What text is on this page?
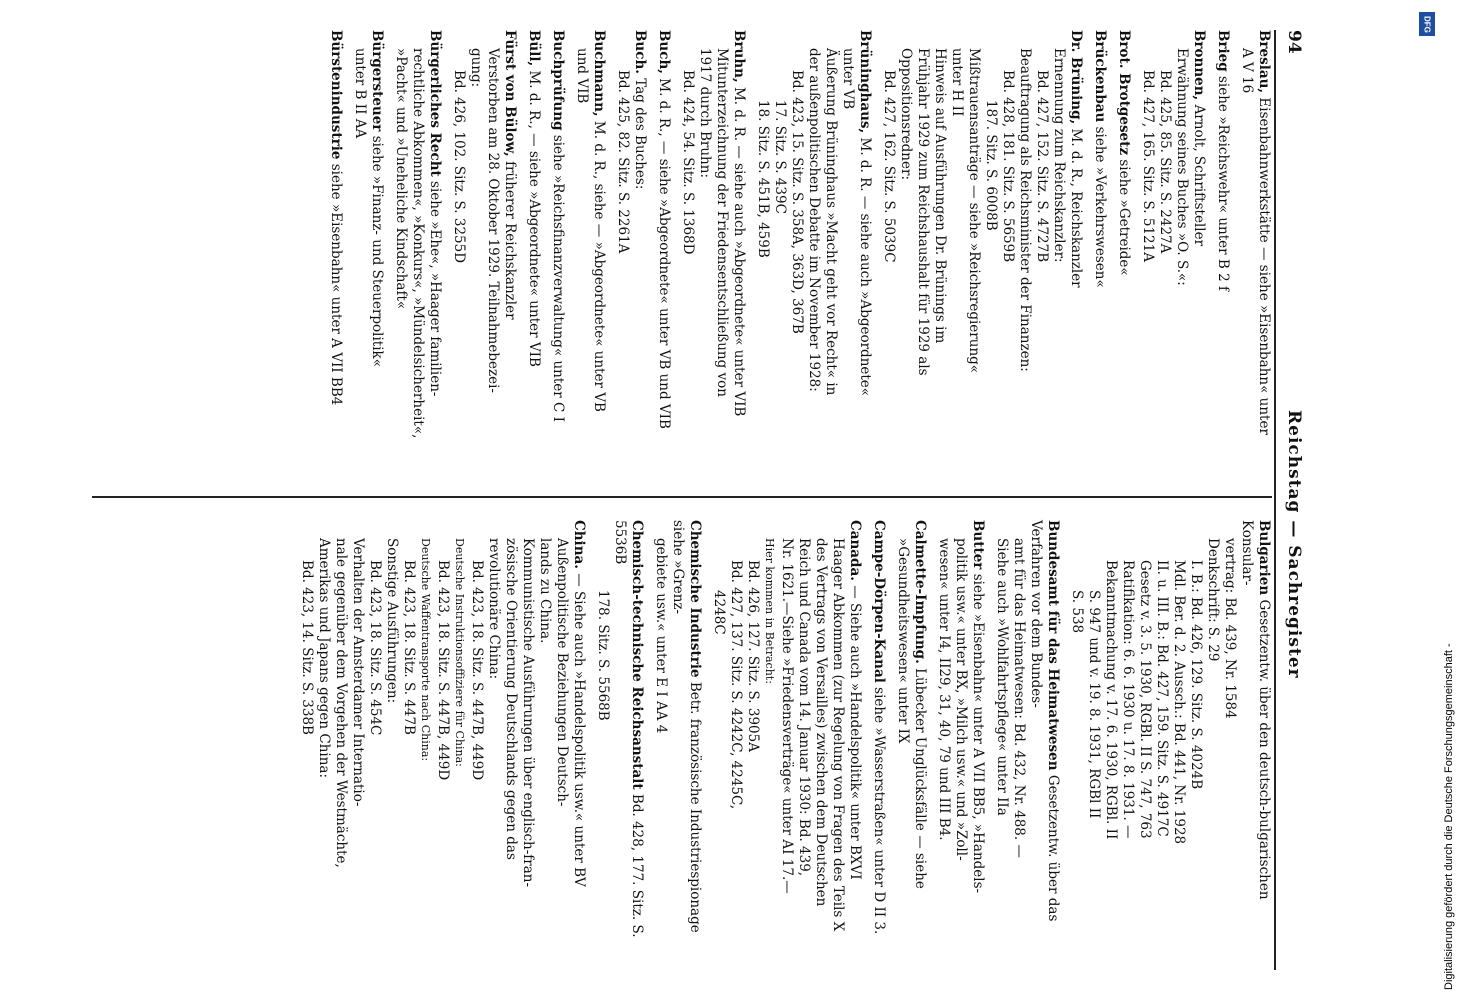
94
Reichstag — Sachregister
Breslau, Eisenbahnwerkstätte — siehe »Eisenbahn« unter
A V 16
Brieg siehe »Reichswehr« unter B 2 f
Bronnen, Arnolt, Schriftsteller
Erwähnung seines Buches »O. S.«:
Bd. 425, 85. Sitz. S. 2427A
Bd. 427, 165. Sitz. S. 5121A
Brot. Brotgesetz siehe »Getreide«
Brückenbau siehe »Verkehrswesen«
Dr. Brüning, M. d. R., Reichskanzler
Ernennung zum Reichskanzler:
Bd. 427, 152. Sitz. S. 4727B
Beauftragung als Reichsminister der Finanzen:
Bd. 428, 181. Sitz. S. 5659B
187. Sitz. S. 6008B
Mißtrauensanträge — siehe »Reichsregierung«
unter H II
Hinweis auf Ausführungen Dr. Brünings im
Frühjahr 1929 zum Reichshaushalt für 1929 als
Oppositionsredner:
Bd. 427, 162. Sitz. S. 5039C
Brüninghaus, M. d. R. — siehe auch »Abgeordnete«
unter VB
Äußerung Brüninghaus »Macht geht vor Recht« in
der außenpolitischen Debatte im November 1928:
Bd. 423, 15. Sitz. S. 358A, 363D, 367B
17. Sitz. S. 439C
18. Sitz. S. 451B, 459B
Bruhn, M. d. R. — siehe auch »Abgeordnete« unter VIB
Mitunterzeichnung der Friedensentschließung von
1917 durch Bruhn:
Bd. 424, 54. Sitz. S. 1368D
Buch, M. d. R., — siehe »Abgeordnete« unter VB und VIB
Buch. Tag des Buches:
Bd. 425, 82. Sitz. S. 2261A
Buchmann, M. d. R., siehe — »Abgeordnete« unter VB
und VIB
Buchprüfung siehe »Reichsfinanzverwaltung« unter C I
Büll, M. d. R., — siehe »Abgeordnete« unter VIB
Fürst von Bülow, früherer Reichskanzler
Verstorben am 28. Oktober 1929. Teilnahmebezei-
gung:
Bd. 426, 102. Sitz. S. 3255D
Bürgerliches Recht siehe »Ehe«, »Haager familien-
rechtliche Abkommen«, »Konkurs«, »Mündelsicherheit«,
»Pacht« und »Uneheliche Kindschaft«
Bürgersteuer siehe »Finanz- und Steuerpolitik«
unter B II AA
Bürstenindustrie siehe »Eisenbahn« unter A VII BB4
Bulgarien Gesetzentw. über den deutsch-bulgarischen Konsular-
vertrag: Bd. 439, Nr. 1584
Denkschrift: S. 29
I. B.: Bd. 426, 129. Sitz. S. 4024B
Mdl. Ber. d. 2. Aussch.: Bd. 441, Nr. 1928
II. u. III. B.: Bd. 427, 159. Sitz. S. 4917C
Gesetz v. 3. 5. 1930, RGBl. II S. 747, 763
Ratifikation: 6. 6. 1930 u. 17. 8. 1931. —
Bekanntmachung v. 17. 6. 1930, RGBl. II
S. 947 und v. 19. 8. 1931, RGBl II
S. 538
Bundesamt für das Heimatwesen Gesetzentw. über das Verfahren vor dem Bundes-
amt für das Heimatwesen: Bd. 432, Nr. 488. —
Siehe auch »Wohlfahrtspflege« unter IIa
Butter siehe »Eisenbahn« unter A VII BB5, »Handels-
politik usw.« unter BX, »Milch usw.« und »Zoll-
wesen« unter I4, II29, 31, 40, 79 und III B4.
Calmette-Impfung. Lübecker Unglücksfälle — siehe
»Gesundheitswesen« unter IX
Campe-Dörpen-Kanal siehe »Wasserstraßen« unter D II 3.
Canada. — Siehe auch »Handelspolitik« unter BXVI
Haager Abkommen (zur Regelung von Fragen des Teils X
des Vertrags von Versailles) zwischen dem Deutschen
Reich und Canada vom 14. Januar 1930: Bd. 439,
Nr. 1621.—Siehe »Friedensverträge« unter AI 17.—
Hier kommen in Betracht:
Bd. 426, 127. Sitz. S. 3905A
Bd. 427, 137. Sitz. S. 4242C, 4245C,
4248C
Chemische Industrie Betr. französische Industriespionage siehe »Grenz-
gebiete usw.« unter E I AA 4
Chemisch-technische Reichsanstalt Bd. 428, 177. Sitz. S. 5536B
178. Sitz. S. 5568B
China. — Siehe auch »Handelspolitik usw.« unter BV
Außenpolitische Beziehungen Deutsch-
lands zu China.
Kommunistische Ausführungen über englisch-fran-
zösische Orientierung Deutschlands gegen das
revolutionäre China:
Bd. 423, 18. Sitz. S. 447B, 449D
Deutsche Instruktionsoffiziere für China:
Bd. 423, 18. Sitz. S. 447B, 449D
Deutsche Waffentransporte nach China:
Bd. 423, 18. Sitz. S. 447B
Sonstige Ausführungen:
Bd. 423, 18. Sitz. S. 454C
Verhalten der Amsterdamer Internatio-
nale gegenüber dem Vorgehen der Westmächte,
Amerikas und Japans gegen China:
Bd. 423, 14. Sitz. S. 338B	Digitalisierung gefördert durch die Deutsche Forschungsgemeinschaft -
DFG
